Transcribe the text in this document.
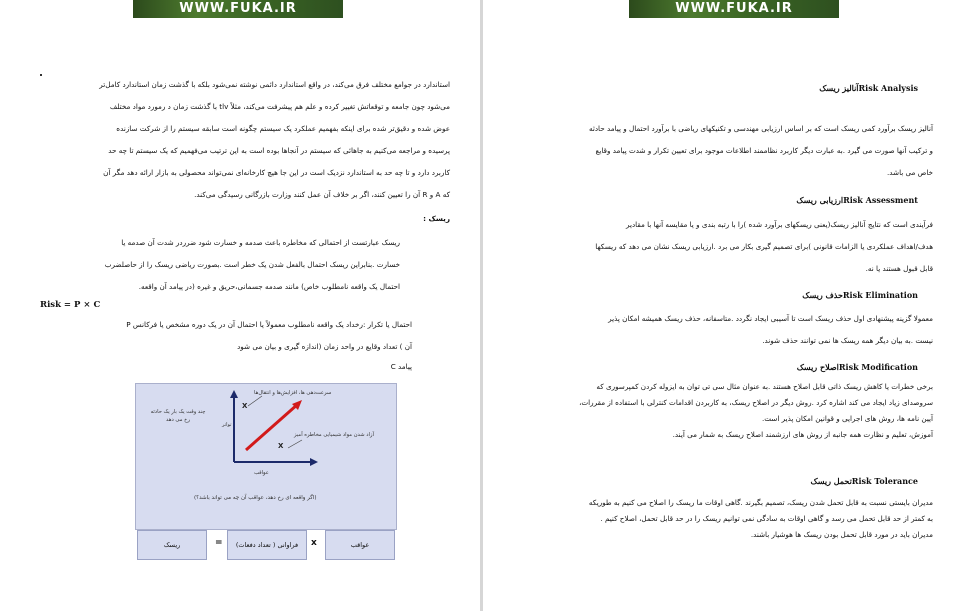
WWW.FUKA.IR
استاندارد در جوامع مختلف فرق می‌کند، در واقع استاندارد دائمی نوشته نمی‌شود بلکه با گذشت زمان استاندارد کامل‌تر
می‌شود چون جامعه و توقعاتش تغییر کرده و علم هم پیشرفت می‌کند، مثلاً tlv با گذشت زمان د رمورد مواد مختلف
عوض شده و دقیق‌تر شده برای اینکه بفهمیم عملکرد یک سیستم چگونه است سابقه سیستم را از شرکت سازنده
پرسیده و مراجعه می‌کنیم به جاهائی که سیستم در آنجاها بوده است به این ترتیب می‌فهمیم که یک سیستم تا چه حد
کاربرد دارد و تا چه حد به استاندارد نزدیک است در این جا هیچ کارخانه‌ای نمی‌تواند محصولی به بازار ارائه دهد مگر آن
که A و R آن را تعیین کنند، اگر بر خلاف آن عمل کنند وزارت بازرگانی رسیدگی می‌کند.
ریسک :
ریسک عبارتست از احتمالی که مخاطره باعث صدمه و خسارت شود ضرردر شدت آن صدمه یا
خسارت .بنابراین ریسک احتمال بالفعل شدن یک خطر است .بصورت ریاضی ریسک را از حاصلضرب
احتمال یک واقعه نامطلوب خاص) مانند صدمه جسمانی،حریق و غیره (در پیامد آن واقعه.
Risk = P × C
احتمال یا تکرار :رخداد یک واقعه نامطلوب معمولاً یا احتمال آن در یک دوره مشخص یا فرکانس P
آن ) تعداد وقایع در واحد زمان (اندازه گیری و بیان می شود
پیامد C
سرعت‌دهی ها، افزایش‌ها و انتقال‌ها
چند وقت یک بار یک حادثه رخ می دهد
آزاد شدن مواد شیمیایی مخاطره آمیز
تواتر
عواقب
X
X
(اگر واقعه ای رخ دهد، عواقب آن چه می تواند باشد؟)
عواقب
x
فراوانی ( تعداد دفعات)
=
ریسک
WWW.FUKA.IR
Risk Analysisآنالیز ریسک
آنالیز ریسک برآورد کمی ریسک است که بر اساس ارزیابی مهندسی و تکنیکهای ریاضی با برآورد احتمال و پیامد حادثه
و ترکیب آنها صورت می گیرد .به عبارت دیگر کاربرد نظاممند اطلاعات موجود برای تعیین تکرار و شدت پیامد وقایع
خاص می باشد.
Risk Assessmentارزیابی ریسک
فرآیندی است که نتایج آنالیز ریسک(یعنی ریسکهای برآورد شده )را با رتبه بندی و یا مقایسه آنها با مقادیر
هدف/اهداف عملکردی یا الزامات قانونی )برای تصمیم گیری بکار می برد .ارزیابی ریسک نشان می دهد که ریسکها
قابل قبول هستند یا نه.
Risk Eliminationحذف ریسک
معمولا گزینه پیشنهادی اول حذف ریسک است تا آسیبی ایجاد نگردد .متاسفانه، حذف ریسک همیشه امکان پذیر
نیست .به بیان دیگر همه ریسک ها نمی توانند حذف شوند.
Risk Modificationاصلاح ریسک
برخی خطرات یا کاهش ریسک ذاتی قابل اصلاح هستند .به عنوان مثال سی تی توان به ایزوله کردن کمپرسوری که
سروصدای زیاد ایجاد می کند اشاره کرد .روش دیگر در اصلاح ریسک، به کاربردن اقدامات کنترلی با استفاده از مقررات،
آیین نامه ها، روش های اجرایی و قوانین امکان پذیر است.
آموزش، تعلیم و نظارت همه جانبه از روش های ارزشمند اصلاح ریسک به شمار می آیند.
Risk Toleranceتحمل ریسک
مدیران بایستی نسبت به قابل تحمل شدن ریسک، تصمیم بگیرند .گاهی اوقات ما ریسک را اصلاح می کنیم به طوریکه
به کمتر از حد قابل تحمل می رسد و گاهی اوقات به سادگی نمی توانیم ریسک را در حد قابل تحمل، اصلاح کنیم .
مدیران باید در مورد قابل تحمل بودن ریسک ها هوشیار باشند.
